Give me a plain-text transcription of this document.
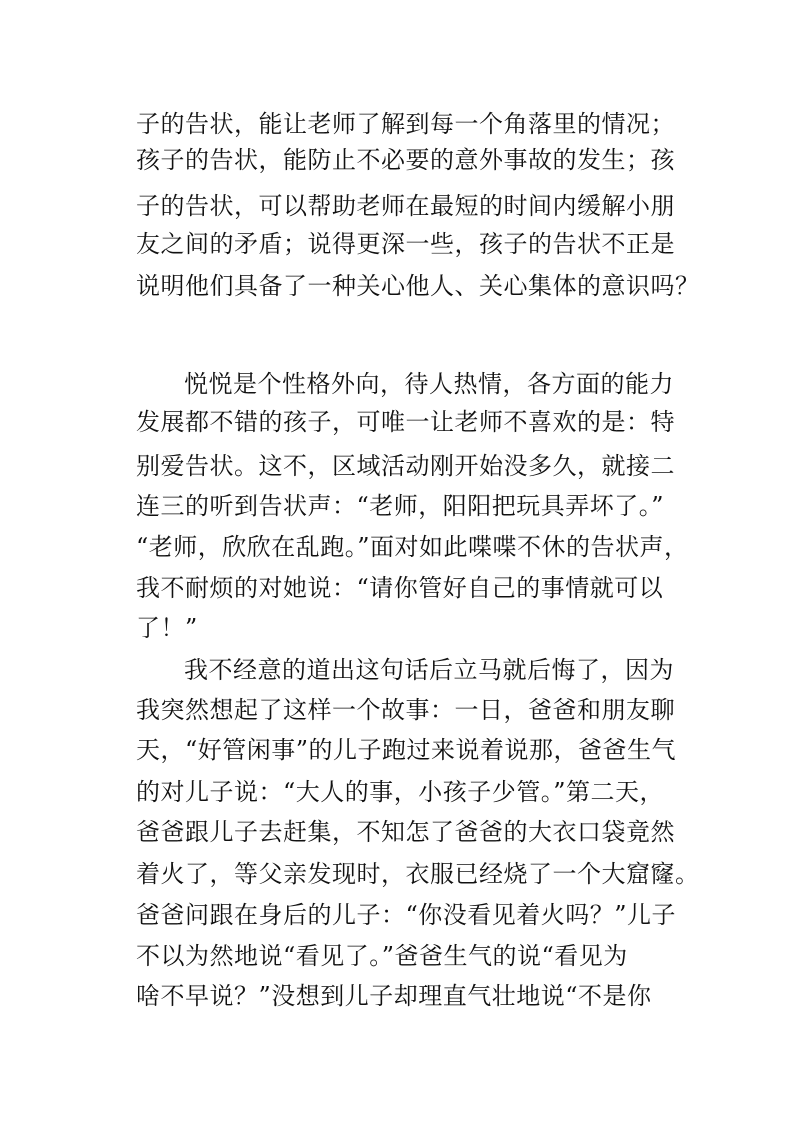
子的告状，能让老师了解到每一个角落里的情况；
孩子的告状，能防止不必要的意外事故的发生；孩
子的告状，可以帮助老师在最短的时间内缓解小朋
友之间的矛盾；说得更深一些，孩子的告状不正是
说明他们具备了一种关心他人、关心集体的意识吗？
悦悦是个性格外向，待人热情，各方面的能力
发展都不错的孩子，可唯一让老师不喜欢的是：特
别爱告状。这不，区域活动刚开始没多久，就接二
连三的听到告状声：“老师，阳阳把玩具弄坏了。”
“老师，欣欣在乱跑。”面对如此喋喋不休的告状声，
我不耐烦的对她说：“请你管好自己的事情就可以
了！”
我不经意的道出这句话后立马就后悔了，因为
我突然想起了这样一个故事：一日，爸爸和朋友聊
天，“好管闲事”的儿子跑过来说着说那，爸爸生气
的对儿子说：“大人的事，小孩子少管。”第二天，
爸爸跟儿子去赶集，不知怎了爸爸的大衣口袋竟然
着火了，等父亲发现时，衣服已经烧了一个大窟窿。
爸爸问跟在身后的儿子：“你没看见着火吗？”儿子
不以为然地说“看见了。”爸爸生气的说“看见为
啥不早说？”没想到儿子却理直气壮地说“不是你
